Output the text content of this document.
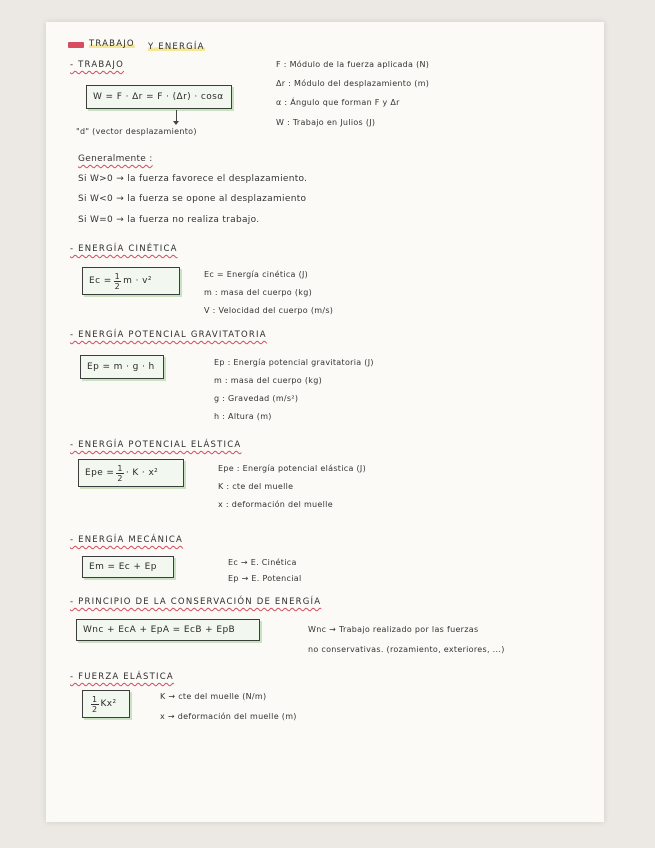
TRABAJO Y ENERGÍA
- TRABAJO
W = F · Δr = F · (Δr) · cosα
"d" (vector desplazamiento)
F : Módulo de la fuerza aplicada (N)
Δr : Módulo del desplazamiento (m)
α : Ángulo que forman F y Δr
W : Trabajo en Julios (J)
Generalmente :
Si W>0 → la fuerza favorece el desplazamiento.
Si W<0 → la fuerza se opone al desplazamiento
Si W=0 → la fuerza no realiza trabajo.
- ENERGÍA CINÉTICA
$Ec = \frac{1}{2}$ m · v²
Ec = Energía cinética (J)
m : masa del cuerpo (kg)
V : Velocidad del cuerpo (m/s)
- ENERGÍA POTENCIAL GRAVITATORIA
Ep = m · g · h	Ep : Energía potencial gravitatoria (J)
m : masa del cuerpo (kg)
g : Gravedad (m/s²)
h : Altura (m)
- ENERGÍA POTENCIAL ELÁSTICA
Epe = $\frac{1}{2} \cdot K \cdot x^2$	Epe : Energía potencial elástica (J)
K : cte del muelle
x : deformación del muelle
- ENERGÍA MECÁNICA
Em = Ec + Ep	Ec → E. Cinética
Ep → E. Potencial
- PRINCIPIO DE LA CONSERVACIÓN DE ENERGÍA
Wnc + EcA + EpA = EcB + EpB	Wnc → Trabajo realizado por las fuerzas
no conservativas. (rozamiento, exteriores, ...)
- FUERZA ELÁSTICA
$\frac{1}{2} Kx^2$
K → cte del muelle (N/m)
x → deformación del muelle (m)
